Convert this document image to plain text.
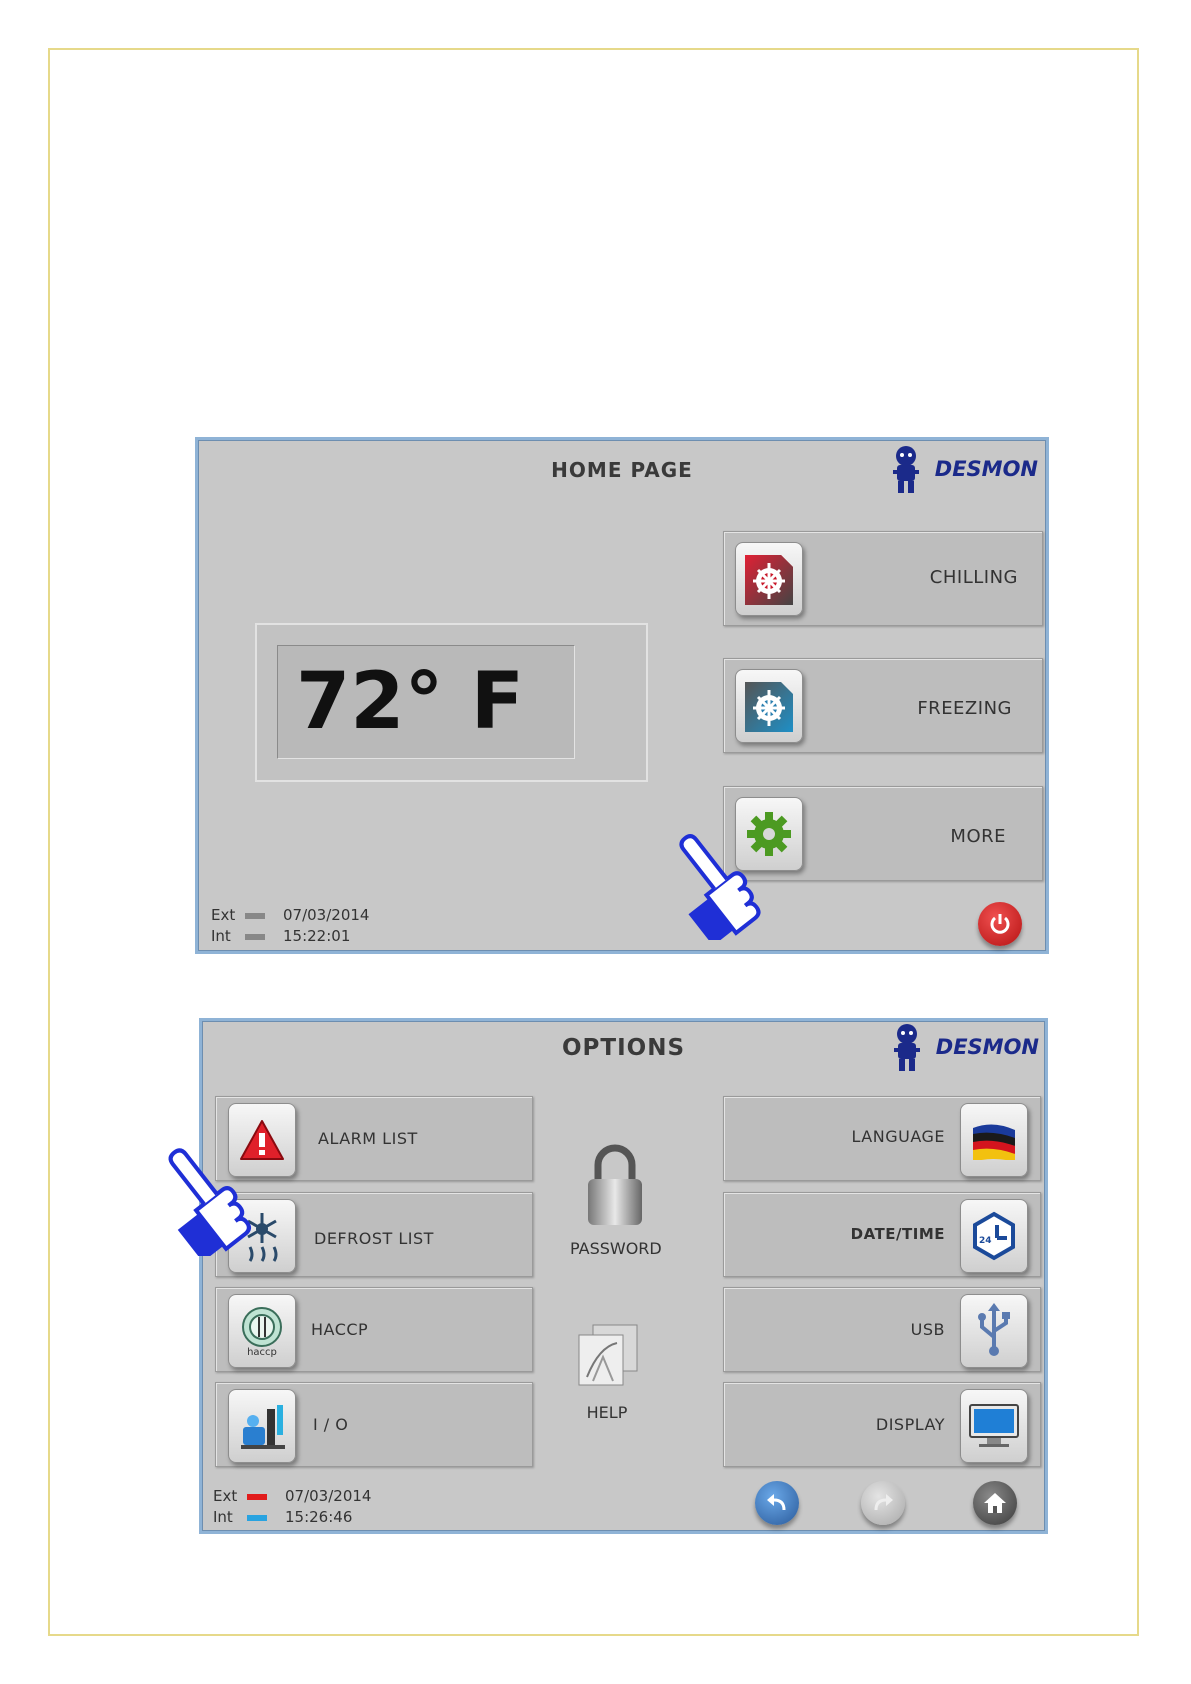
HOME PAGE	DESMON
72° F
CHILLING
FREEZING
MORE
Ext	07/03/2014
Int	15:22:01
OPTIONS	DESMON
ALARM LIST
DEFROST LIST
haccp
HACCP
I / O
PASSWORD
HELP
LANGUAGE
DATE/TIME	24
USB
DISPLAY
Ext	07/03/2014
Int	15:26:46
